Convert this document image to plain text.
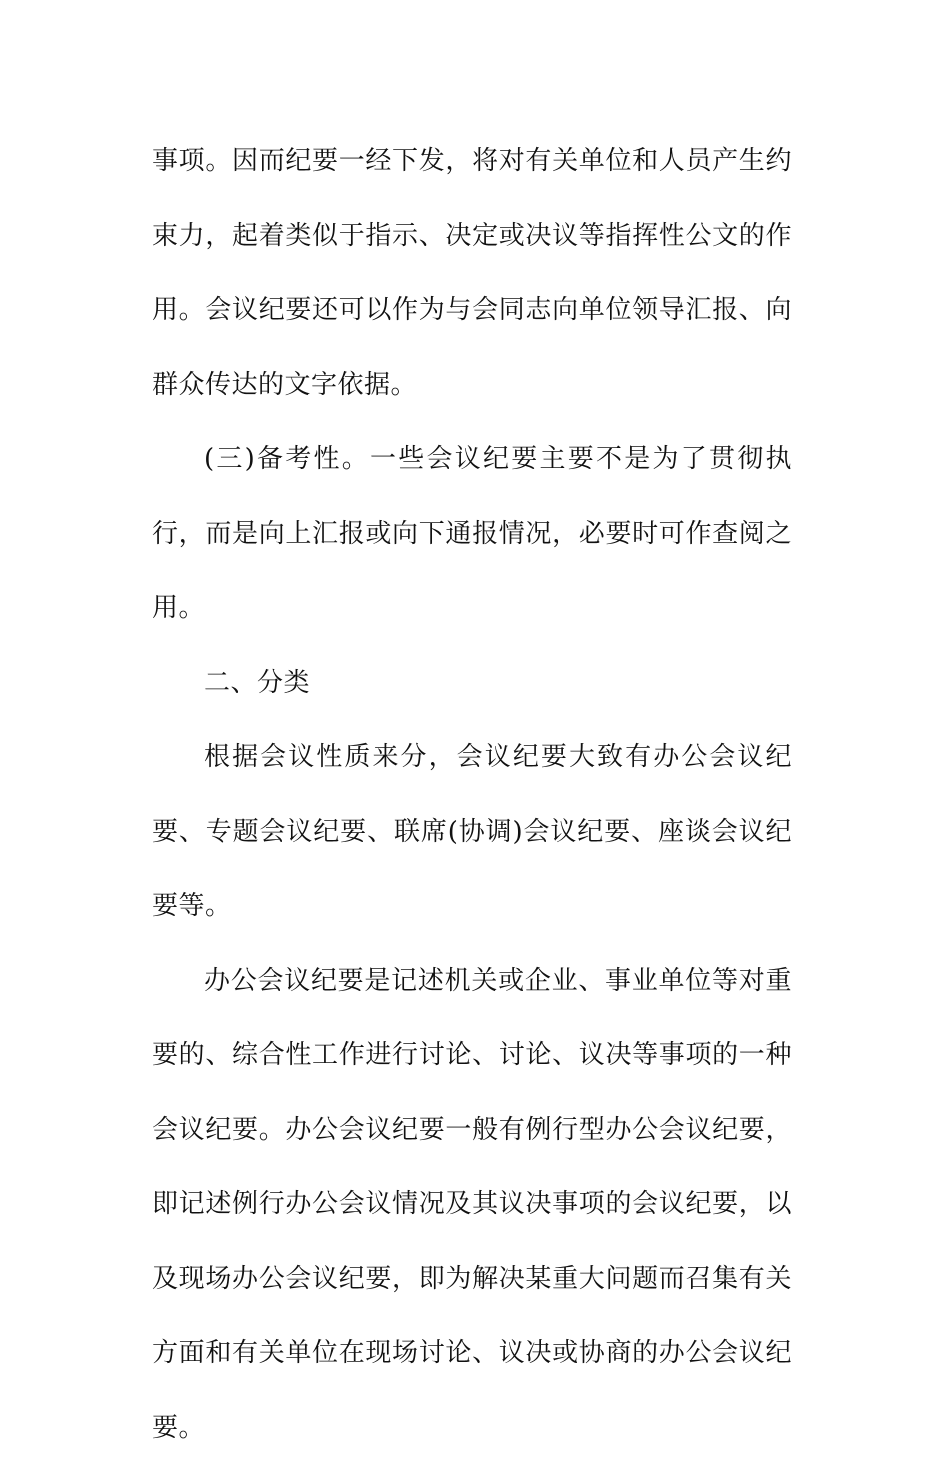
事项。因而纪要一经下发，将对有关单位和人员产生约束力，起着类似于指示、决定或决议等指挥性公文的作用。会议纪要还可以作为与会同志向单位领导汇报、向群众传达的文字依据。

(三)备考性。一些会议纪要主要不是为了贯彻执行，而是向上汇报或向下通报情况，必要时可作查阅之用。

二、分类

根据会议性质来分，会议纪要大致有办公会议纪要、专题会议纪要、联席(协调)会议纪要、座谈会议纪要等。

办公会议纪要是记述机关或企业、事业单位等对重要的、综合性工作进行讨论、讨论、议决等事项的一种会议纪要。办公会议纪要一般有例行型办公会议纪要，即记述例行办公会议情况及其议决事项的会议纪要，以及现场办公会议纪要，即为解决某重大问题而召集有关方面和有关单位在现场讨论、议决或协商的办公会议纪要。
